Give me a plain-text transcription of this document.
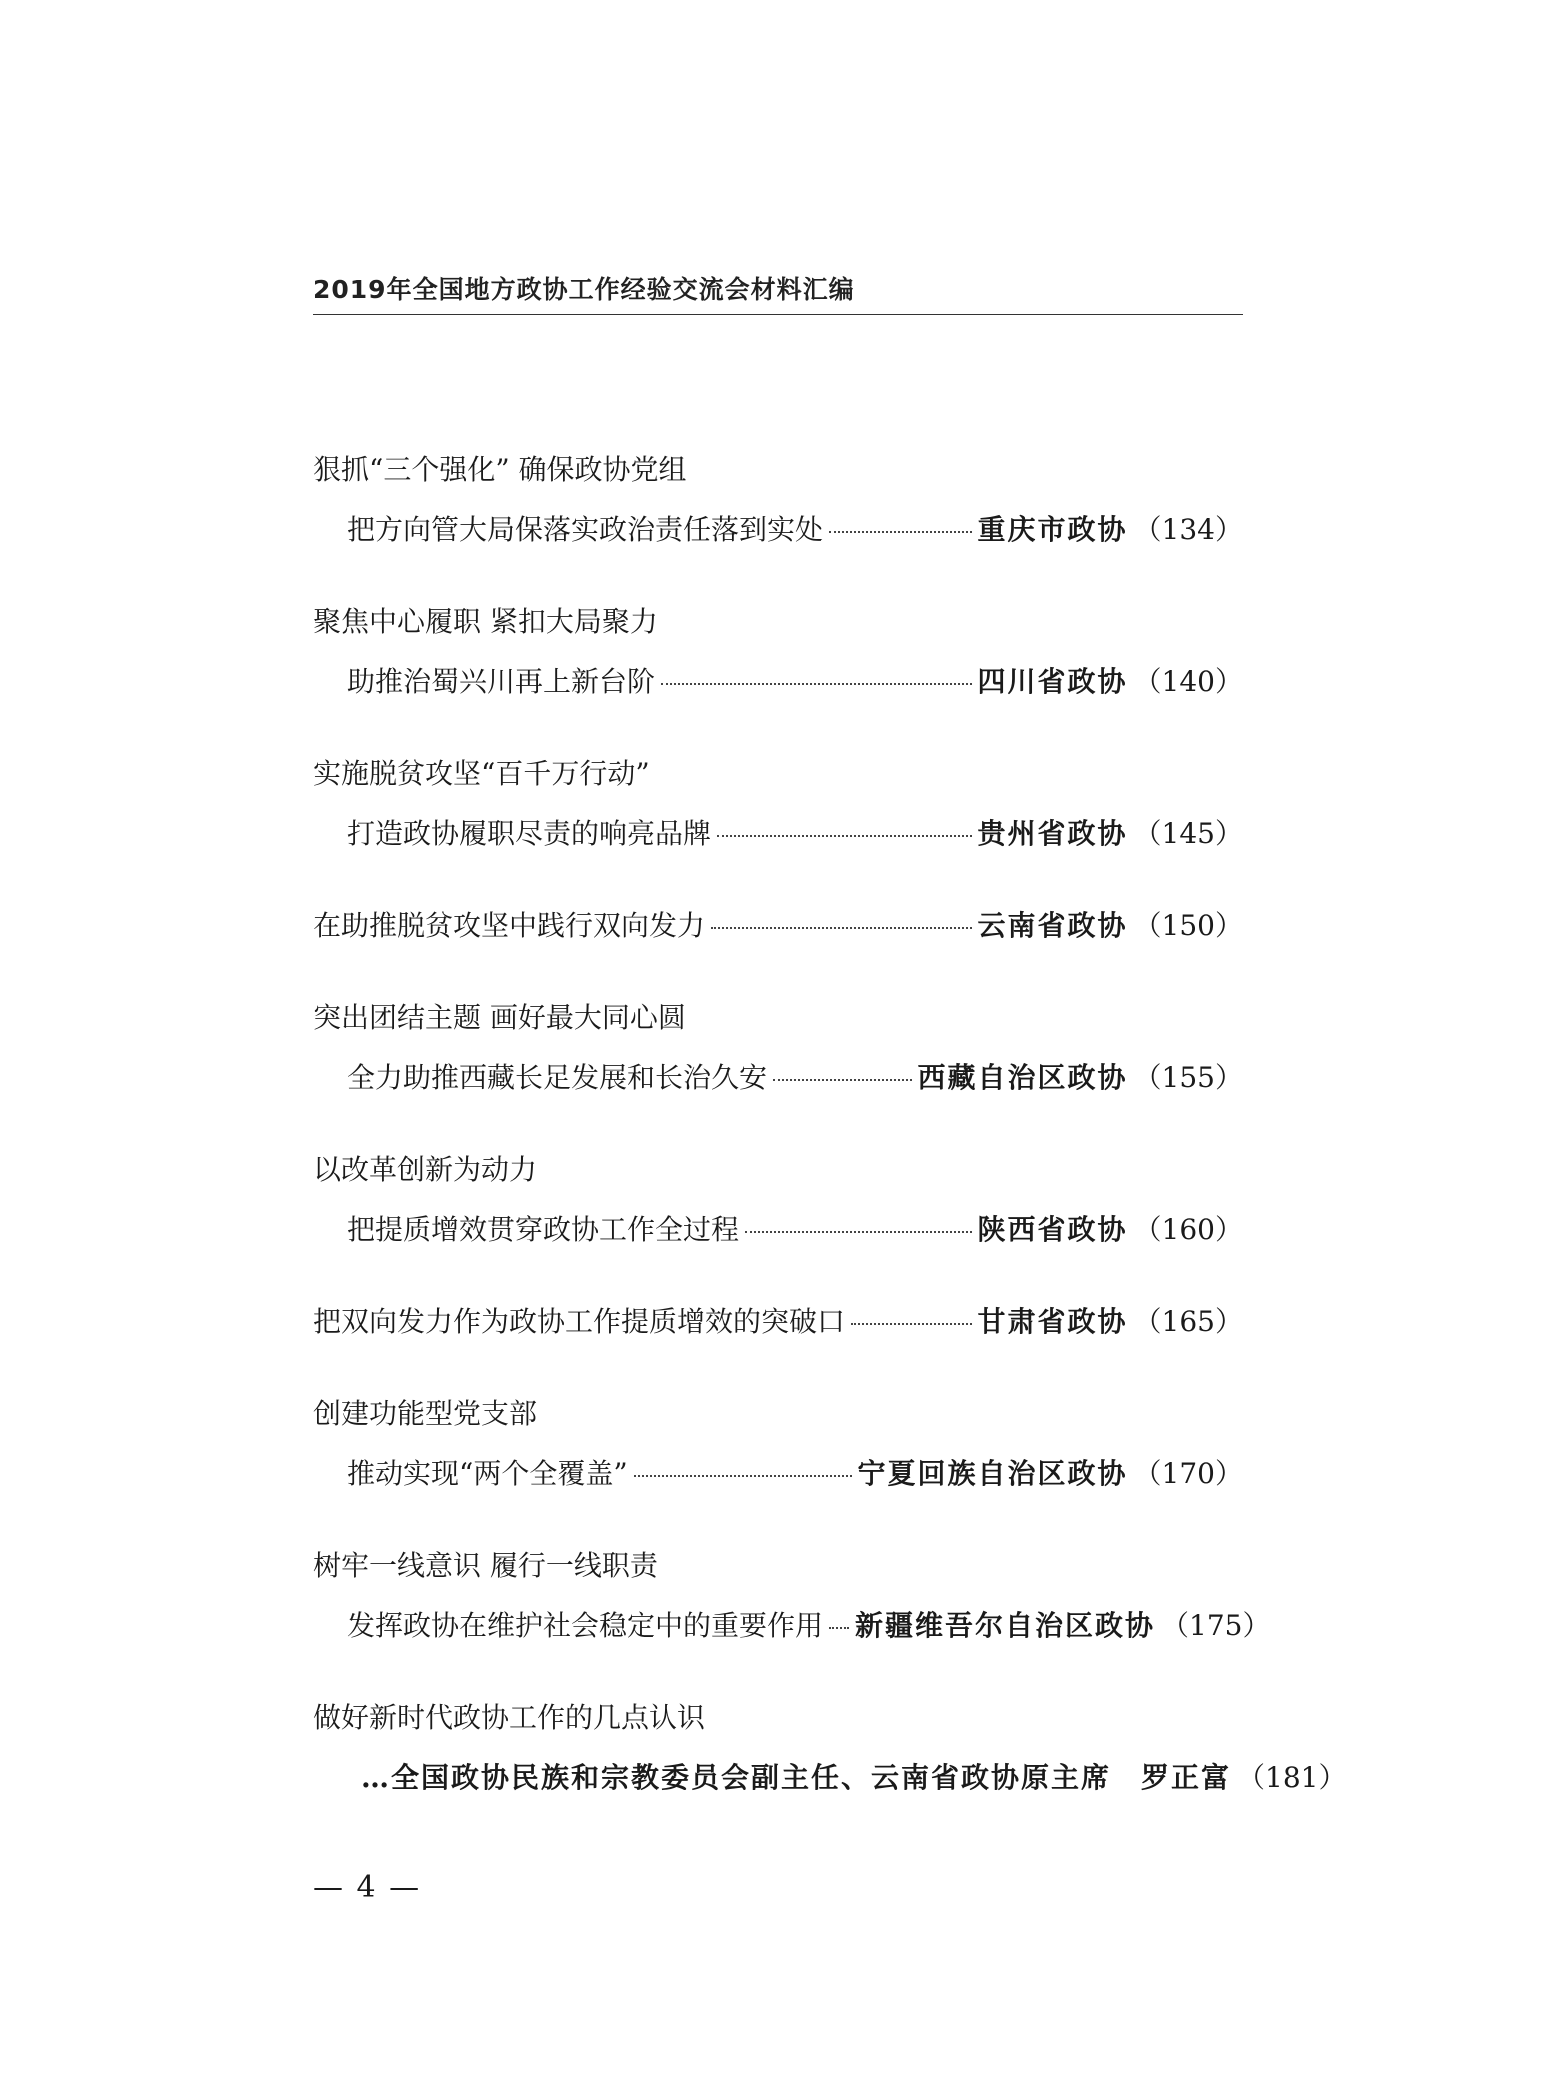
2019年全国地方政协工作经验交流会材料汇编
狠抓“三个强化” 确保政协党组
把方向管大局保落实政治责任落到实处	重庆市政协 （134）
聚焦中心履职 紧扣大局聚力
助推治蜀兴川再上新台阶	四川省政协 （140）
实施脱贫攻坚“百千万行动”
打造政协履职尽责的响亮品牌	贵州省政协 （145）
在助推脱贫攻坚中践行双向发力	云南省政协 （150）
突出团结主题 画好最大同心圆
全力助推西藏长足发展和长治久安	西藏自治区政协 （155）
以改革创新为动力
把提质增效贯穿政协工作全过程	陕西省政协 （160）
把双向发力作为政协工作提质增效的突破口	甘肃省政协 （165）
创建功能型党支部
推动实现“两个全覆盖”	宁夏回族自治区政协 （170）
树牢一线意识 履行一线职责
发挥政协在维护社会稳定中的重要作用 新疆维吾尔自治区政协 （175）
做好新时代政协工作的几点认识
…全国政协民族和宗教委员会副主任、云南省政协原主席　罗正富 （181）
— 4 —
